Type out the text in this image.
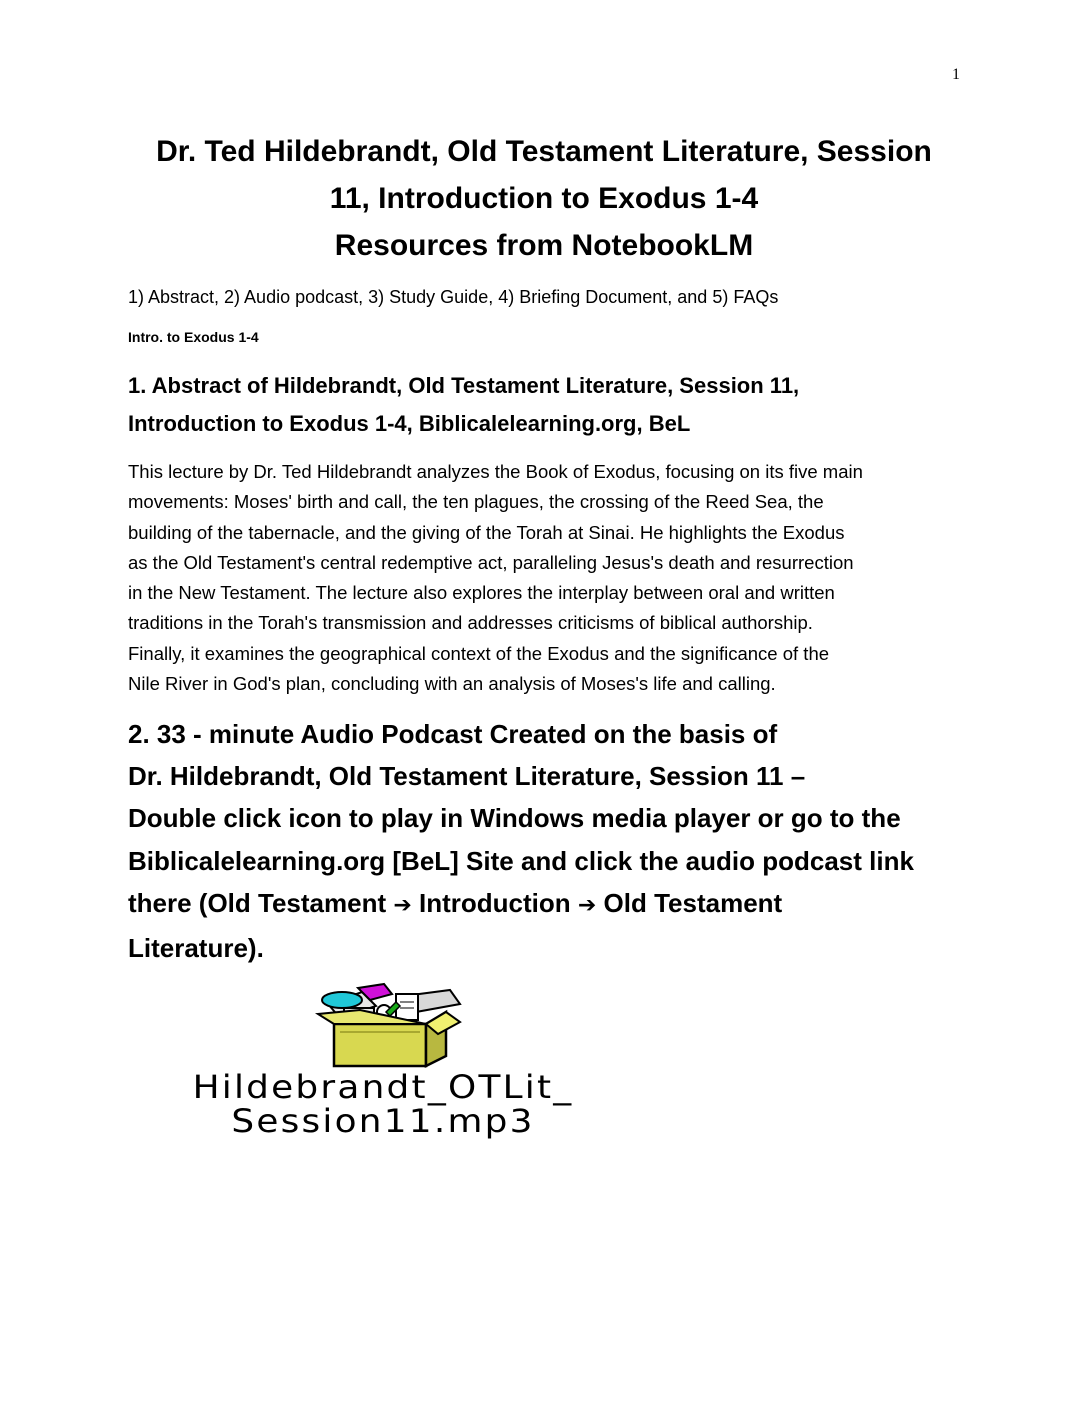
1
Dr. Ted Hildebrandt, Old Testament Literature, Session
11, Introduction to Exodus 1-4
Resources from NotebookLM
1) Abstract, 2) Audio podcast, 3) Study Guide, 4) Briefing Document, and 5) FAQs
Intro. to Exodus 1-4
1. Abstract of Hildebrandt, Old Testament Literature, Session 11,
Introduction to Exodus 1-4, Biblicalelearning.org, BeL
This lecture by Dr. Ted Hildebrandt analyzes the Book of Exodus, focusing on its five main
movements: Moses' birth and call, the ten plagues, the crossing of the Reed Sea, the
building of the tabernacle, and the giving of the Torah at Sinai. He highlights the Exodus
as the Old Testament's central redemptive act, paralleling Jesus's death and resurrection
in the New Testament. The lecture also explores the interplay between oral and written
traditions in the Torah's transmission and addresses criticisms of biblical authorship.
Finally, it examines the geographical context of the Exodus and the significance of the
Nile River in God's plan, concluding with an analysis of Moses's life and calling.
2. 33 - minute Audio Podcast Created on the basis of
Dr. Hildebrandt, Old Testament Literature, Session 11 –
Double click icon to play in Windows media player or go to the
Biblicalelearning.org [BeL] Site and click the audio podcast link
there (Old Testament ➔ Introduction ➔ Old Testament
Literature).
Hildebrandt_OTLit_
Session11.mp3
